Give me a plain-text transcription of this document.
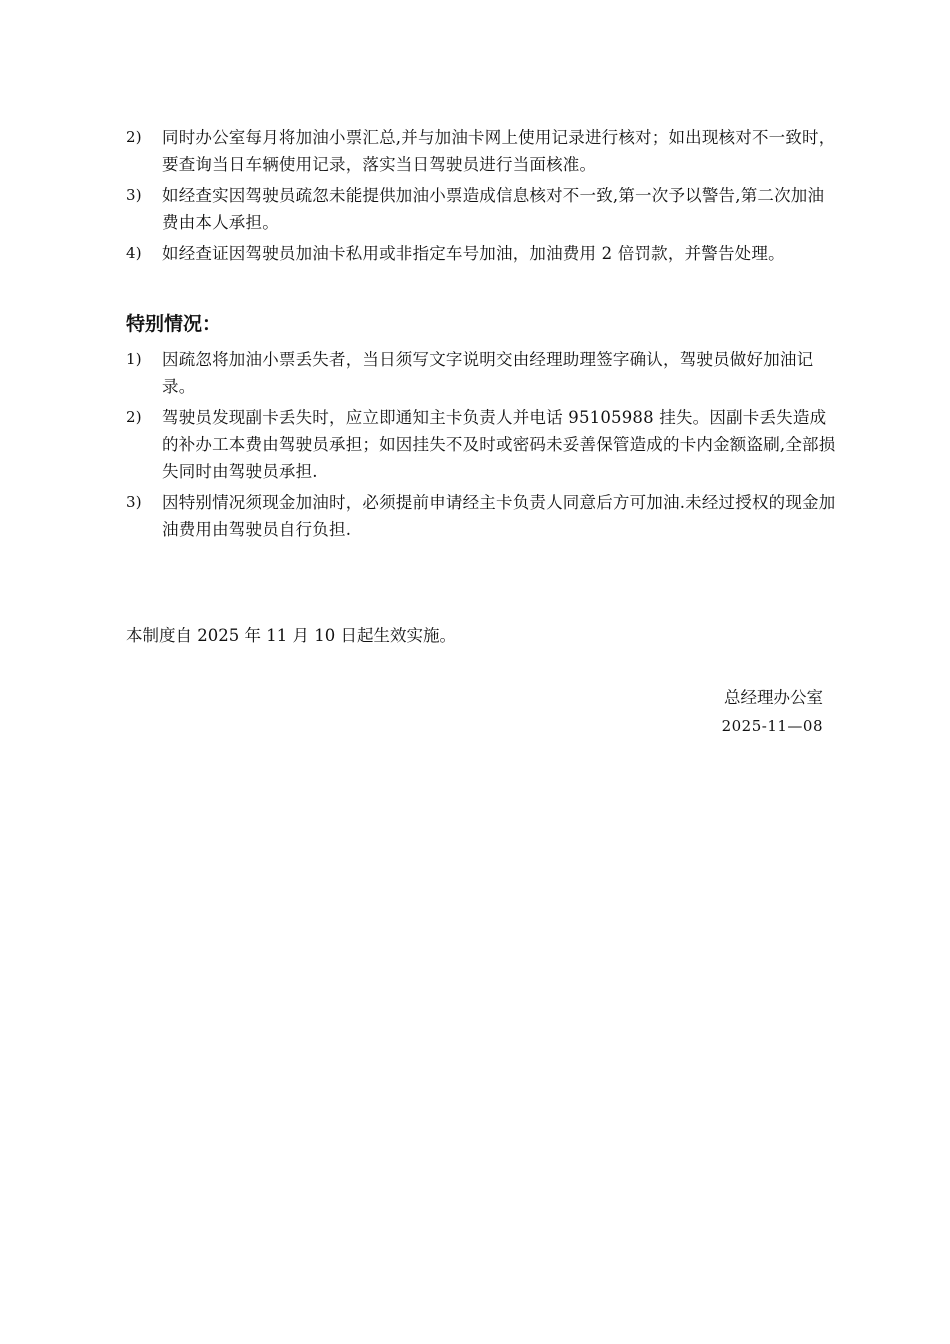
2) 同时办公室每月将加油小票汇总,并与加油卡网上使用记录进行核对；如出现核对不一致时，要查询当日车辆使用记录，落实当日驾驶员进行当面核准。
3) 如经查实因驾驶员疏忽未能提供加油小票造成信息核对不一致,第一次予以警告,第二次加油费由本人承担。
4) 如经查证因驾驶员加油卡私用或非指定车号加油，加油费用 2 倍罚款，并警告处理。
特别情况：
1) 因疏忽将加油小票丢失者，当日须写文字说明交由经理助理签字确认，驾驶员做好加油记录。
2) 驾驶员发现副卡丢失时，应立即通知主卡负责人并电话 95105988 挂失。因副卡丢失造成的补办工本费由驾驶员承担；如因挂失不及时或密码未妥善保管造成的卡内金额盗刷,全部损失同时由驾驶员承担.
3) 因特别情况须现金加油时，必须提前申请经主卡负责人同意后方可加油.未经过授权的现金加油费用由驾驶员自行负担.

本制度自 2025 年 11 月 10 日起生效实施。

总经理办公室
2025-11—08
